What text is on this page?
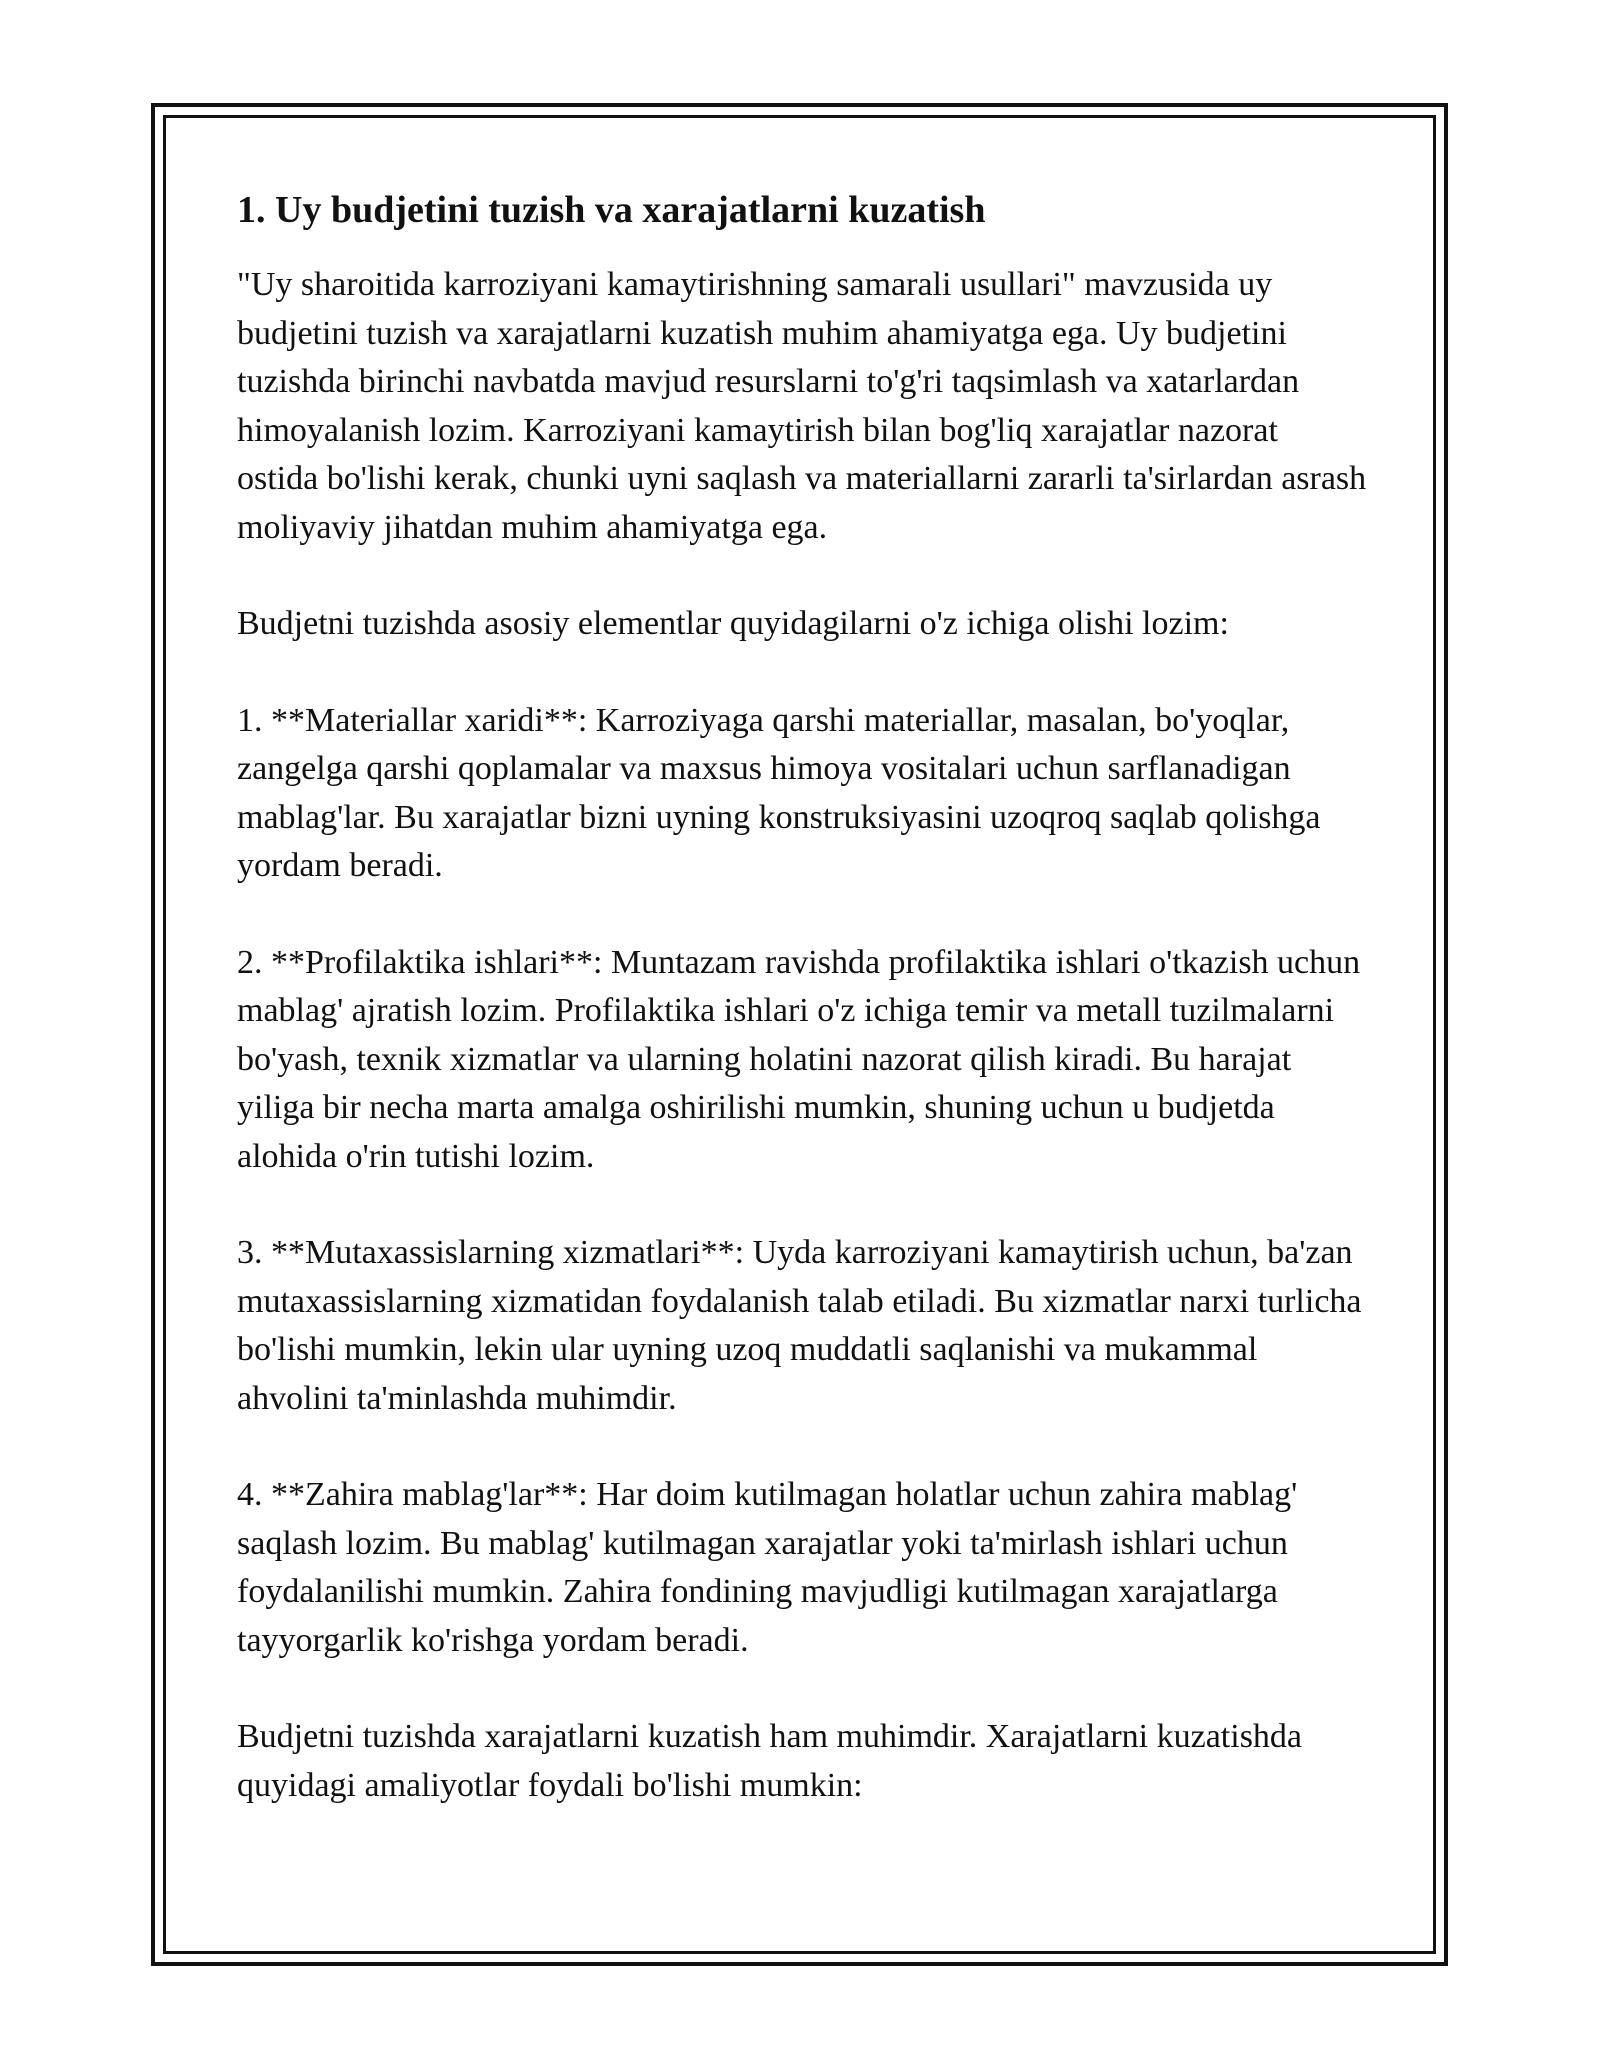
1. Uy budjetini tuzish va xarajatlarni kuzatish

"Uy sharoitida karroziyani kamaytirishning samarali usullari" mavzusida uy budjetini tuzish va xarajatlarni kuzatish muhim ahamiyatga ega. Uy budjetini tuzishda birinchi navbatda mavjud resurslarni to'g'ri taqsimlash va xatarlardan himoyalanish lozim. Karroziyani kamaytirish bilan bog'liq xarajatlar nazorat ostida bo'lishi kerak, chunki uyni saqlash va materiallarni zararli ta'sirlardan asrash moliyaviy jihatdan muhim ahamiyatga ega.

Budjetni tuzishda asosiy elementlar quyidagilarni o'z ichiga olishi lozim:

1. **Materiallar xaridi**: Karroziyaga qarshi materiallar, masalan, bo'yoqlar, zangelga qarshi qoplamalar va maxsus himoya vositalari uchun sarflanadigan mablag'lar. Bu xarajatlar bizni uyning konstruksiyasini uzoqroq saqlab qolishga yordam beradi.

2. **Profilaktika ishlari**: Muntazam ravishda profilaktika ishlari o'tkazish uchun mablag' ajratish lozim. Profilaktika ishlari o'z ichiga temir va metall tuzilmalarni bo'yash, texnik xizmatlar va ularning holatini nazorat qilish kiradi. Bu harajat yiliga bir necha marta amalga oshirilishi mumkin, shuning uchun u budjetda alohida o'rin tutishi lozim.

3. **Mutaxassislarning xizmatlari**: Uyda karroziyani kamaytirish uchun, ba'zan mutaxassislarning xizmatidan foydalanish talab etiladi. Bu xizmatlar narxi turlicha bo'lishi mumkin, lekin ular uyning uzoq muddatli saqlanishi va mukammal ahvolini ta'minlashda muhimdir.

4. **Zahira mablag'lar**: Har doim kutilmagan holatlar uchun zahira mablag' saqlash lozim. Bu mablag' kutilmagan xarajatlar yoki ta'mirlash ishlari uchun foydalanilishi mumkin. Zahira fondining mavjudligi kutilmagan xarajatlarga tayyorgarlik ko'rishga yordam beradi.

Budjetni tuzishda xarajatlarni kuzatish ham muhimdir. Xarajatlarni kuzatishda quyidagi amaliyotlar foydali bo'lishi mumkin:
